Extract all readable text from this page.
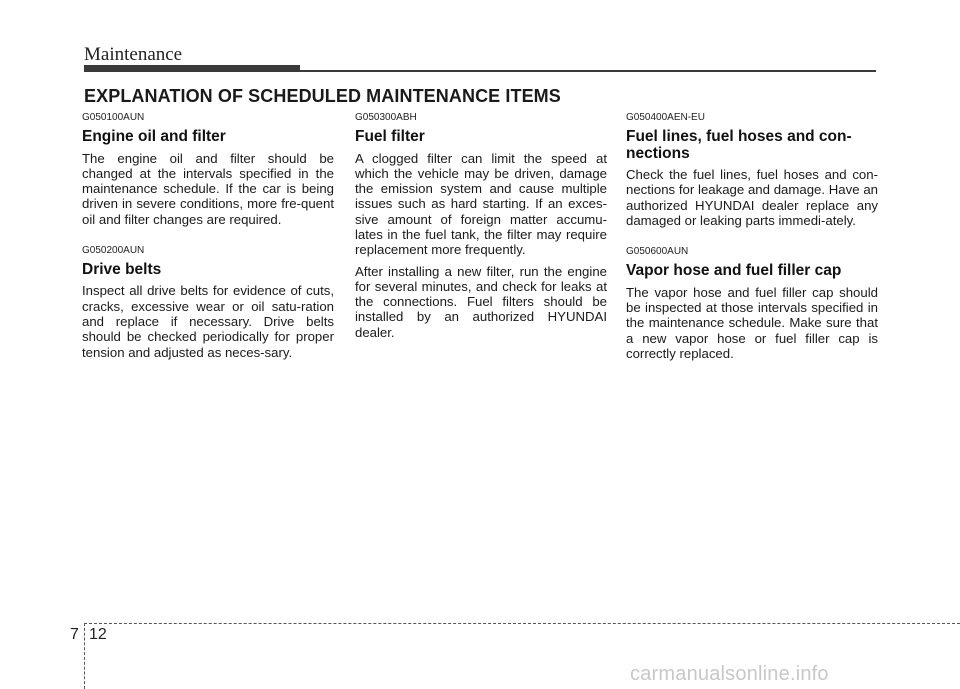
Maintenance
EXPLANATION OF SCHEDULED MAINTENANCE ITEMS

G050100AUN

Engine oil and filter

The engine oil and filter should be changed at the intervals specified in the maintenance schedule. If the car is being driven in severe conditions, more fre-quent oil and filter changes are required.

G050200AUN

Drive belts

Inspect all drive belts for evidence of cuts, cracks, excessive wear or oil satu-ration and replace if necessary. Drive belts should be checked periodically for proper tension and adjusted as neces-sary.

G050300ABH

Fuel filter

A clogged filter can limit the speed at which the vehicle may be driven, damage the emission system and cause multiple issues such as hard starting. If an exces-sive amount of foreign matter accumu-lates in the fuel tank, the filter may require replacement more frequently.

After installing a new filter, run the engine for several minutes, and check for leaks at the connections. Fuel filters should be installed by an authorized HYUNDAI dealer.

G050400AEN-EU

Fuel lines, fuel hoses and con-nections

Check the fuel lines, fuel hoses and con-nections for leakage and damage. Have an authorized HYUNDAI dealer replace any damaged or leaking parts immedi-ately.

G050600AUN

Vapor hose and fuel filler cap

The vapor hose and fuel filler cap should be inspected at those intervals specified in the maintenance schedule. Make sure that a new vapor hose or fuel filler cap is correctly replaced.

7 12
carmanualsonline.info
